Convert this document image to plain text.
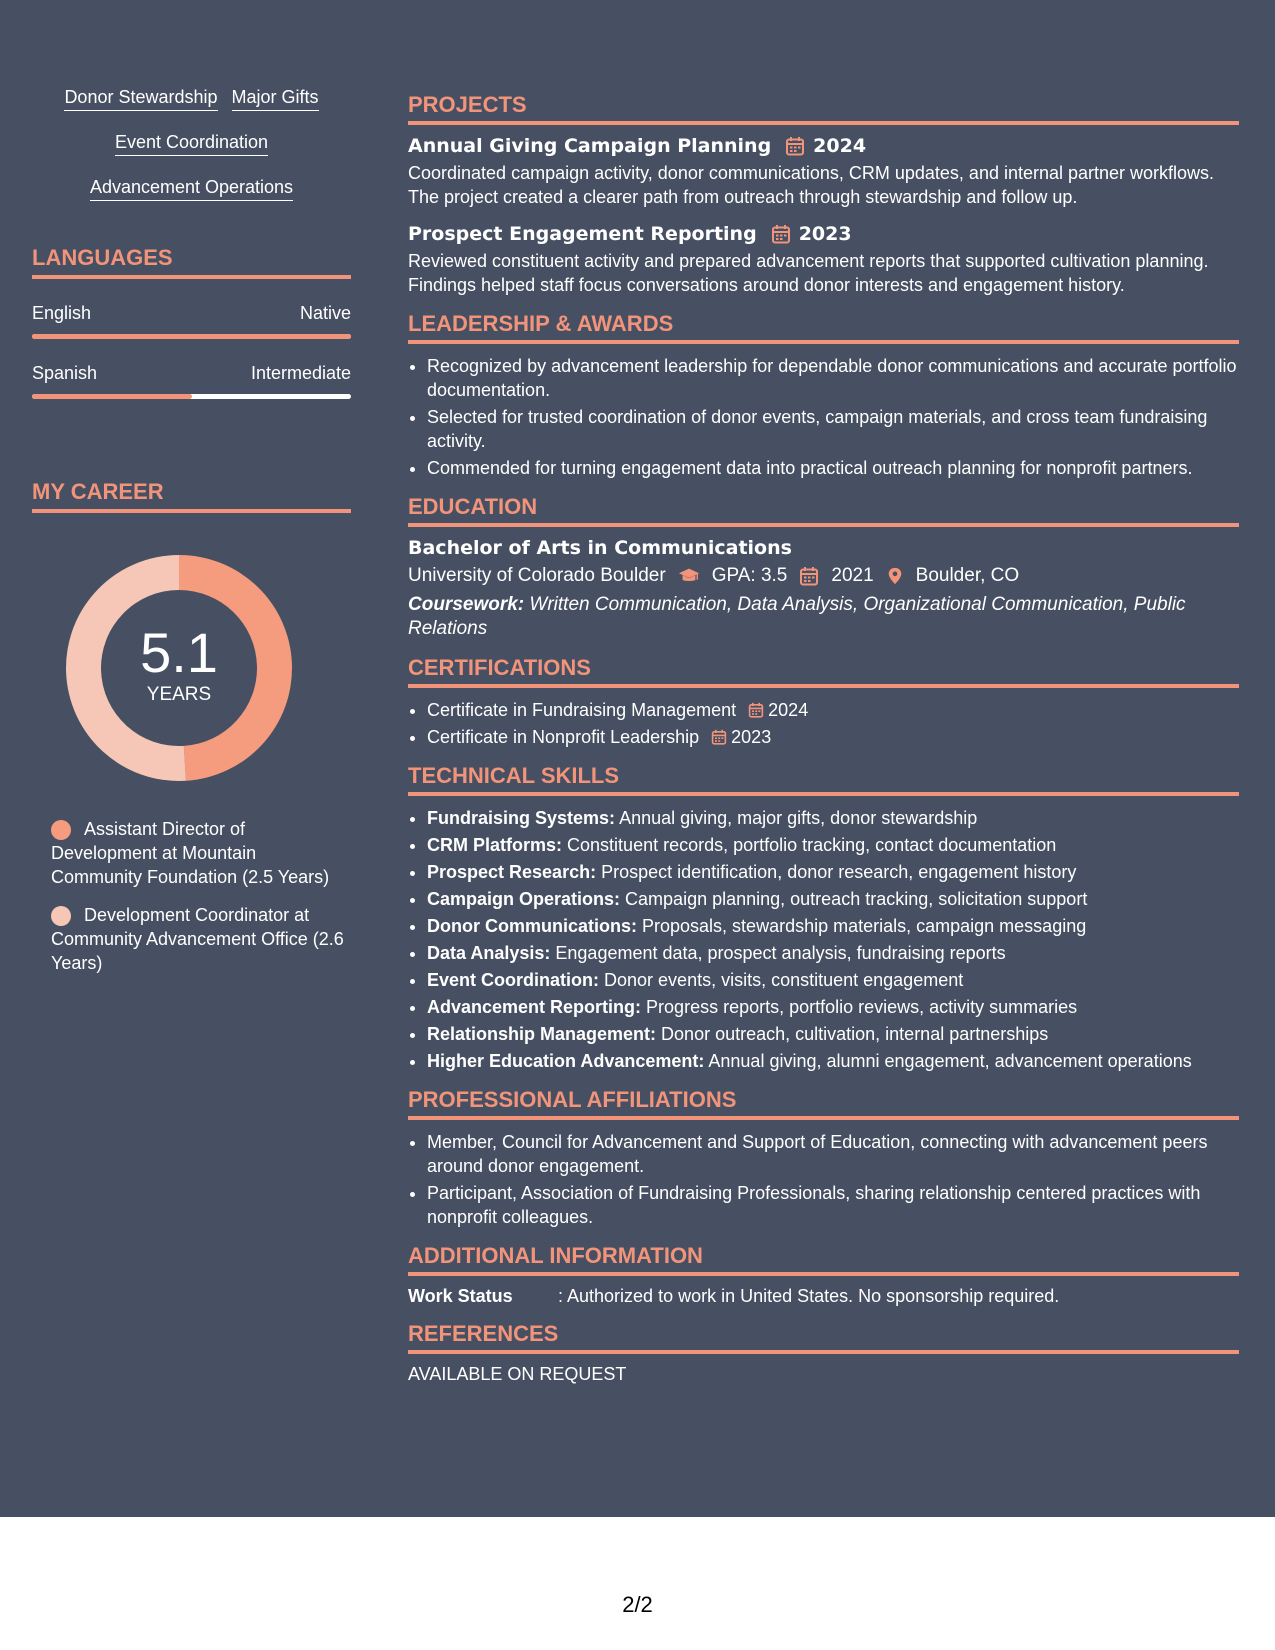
Donor Stewardship Major Gifts
Event Coordination
Advancement Operations
LANGUAGES
English	Native
Spanish	Intermediate
MY CAREER
5.1
YEARS
Assistant Director of Development at Mountain Community Foundation (2.5 Years)
Development Coordinator at Community Advancement Office (2.6 Years)
PROJECTS
Annual Giving Campaign Planning 2024

Coordinated campaign activity, donor communications, CRM updates, and internal partner workflows. The project created a clearer path from outreach through stewardship and follow up.

Prospect Engagement Reporting 2023

Reviewed constituent activity and prepared advancement reports that supported cultivation planning. Findings helped staff focus conversations around donor interests and engagement history.

LEADERSHIP & AWARDS
• Recognized by advancement leadership for dependable donor communications and accurate portfolio documentation.
• Selected for trusted coordination of donor events, campaign materials, and cross team fundraising activity.
• Commended for turning engagement data into practical outreach planning for nonprofit partners.
EDUCATION
Bachelor of Arts in Communications
University of Colorado Boulder GPA: 3.5 2021 Boulder, CO
Coursework: Written Communication, Data Analysis, Organizational Communication, Public Relations
CERTIFICATIONS
• Certificate in Fundraising Management 2024
• Certificate in Nonprofit Leadership 2023
TECHNICAL SKILLS
• Fundraising Systems: Annual giving, major gifts, donor stewardship
• CRM Platforms: Constituent records, portfolio tracking, contact documentation
• Prospect Research: Prospect identification, donor research, engagement history
• Campaign Operations: Campaign planning, outreach tracking, solicitation support
• Donor Communications: Proposals, stewardship materials, campaign messaging
• Data Analysis: Engagement data, prospect analysis, fundraising reports
• Event Coordination: Donor events, visits, constituent engagement
• Advancement Reporting: Progress reports, portfolio reviews, activity summaries
• Relationship Management: Donor outreach, cultivation, internal partnerships
• Higher Education Advancement: Annual giving, alumni engagement, advancement operations
PROFESSIONAL AFFILIATIONS
• Member, Council for Advancement and Support of Education, connecting with advancement peers around donor engagement.
• Participant, Association of Fundraising Professionals, sharing relationship centered practices with nonprofit colleagues.
ADDITIONAL INFORMATION
Work Status	: Authorized to work in United States. No sponsorship required.
REFERENCES
AVAILABLE ON REQUEST
2/2
